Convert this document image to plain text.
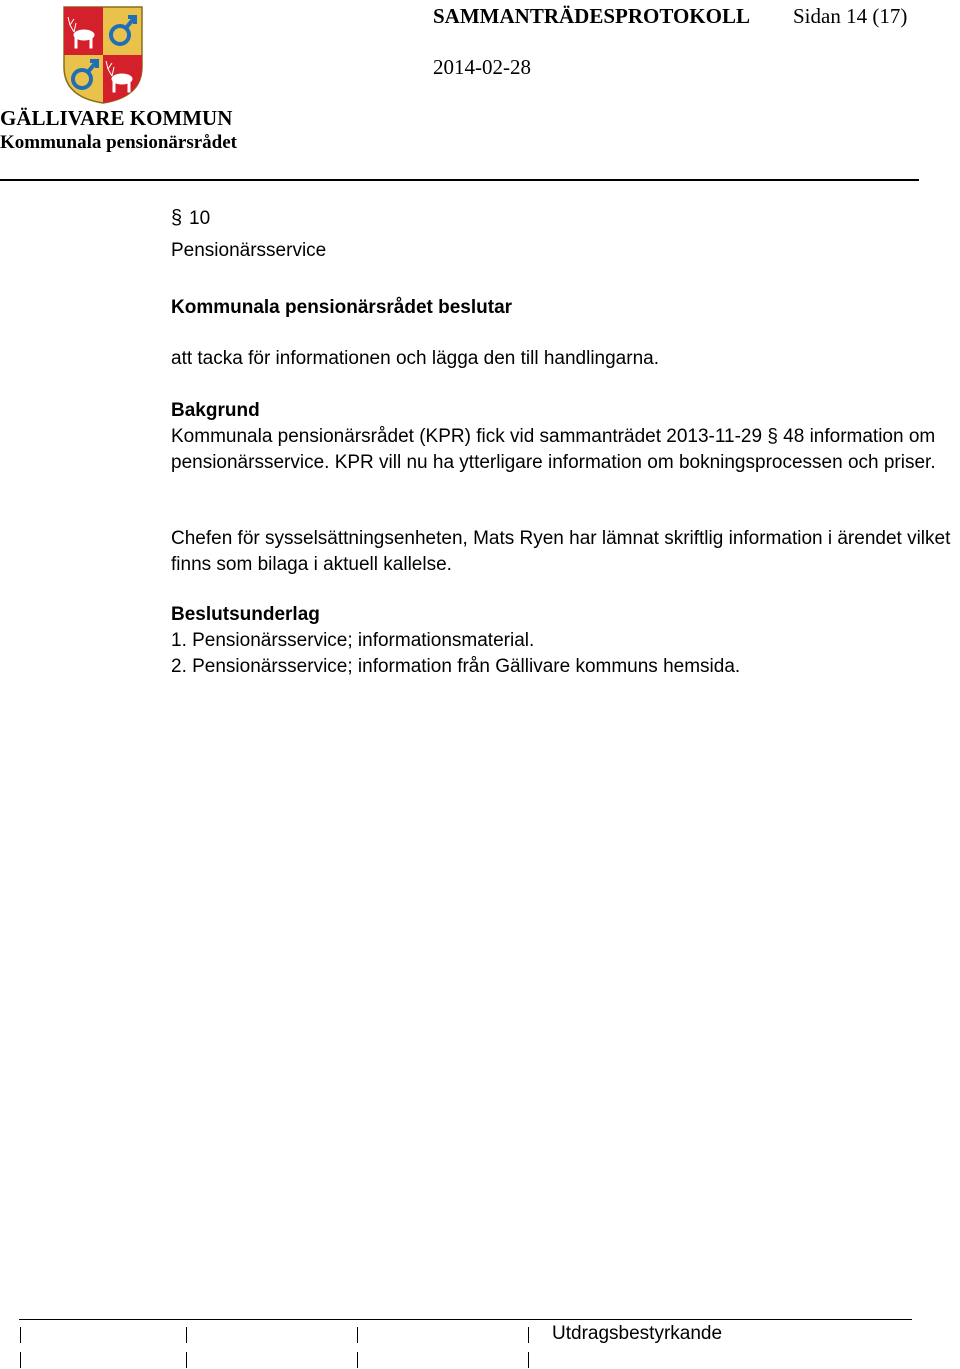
SAMMANTRÄDESPROTOKOLL Sidan 14 (17)
2014-02-28
GÄLLIVARE KOMMUN
Kommunala pensionärsrådet
§ 10
Pensionärsservice
Kommunala pensionärsrådet beslutar
att tacka för informationen och lägga den till handlingarna.
Bakgrund
Kommunala pensionärsrådet (KPR) fick vid sammanträdet 2013-11-29 § 48 information om pensionärsservice. KPR vill nu ha ytterligare information om bokningsprocessen och priser.
Chefen för sysselsättningsenheten, Mats Ryen har lämnat skriftlig information i ärendet vilket finns som bilaga i aktuell kallelse.
Beslutsunderlag
1. Pensionärsservice; informationsmaterial.
2. Pensionärsservice; information från Gällivare kommuns hemsida.
Utdragsbestyrkande
